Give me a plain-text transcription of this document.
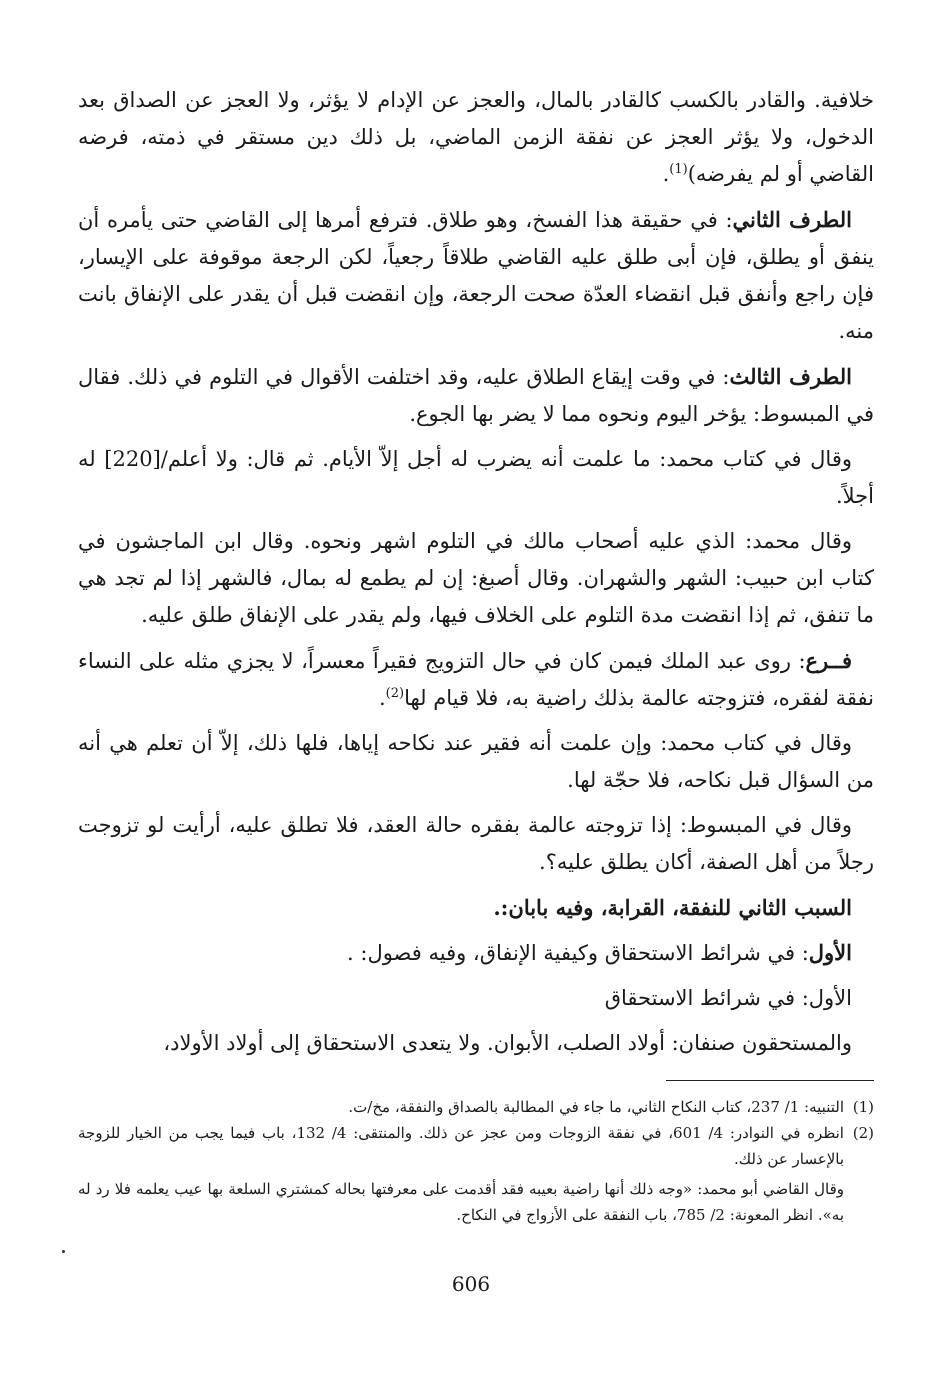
خلافية. والقادر بالكسب كالقادر بالمال، والعجز عن الإدام لا يؤثر، ولا العجز عن الصداق بعد الدخول، ولا يؤثر العجز عن نفقة الزمن الماضي، بل ذلك دين مستقر في ذمته، فرضه القاضي أو لم يفرضه)$^{(1)}$.

الطرف الثاني: في حقيقة هذا الفسخ، وهو طلاق. فترفع أمرها إلى القاضي حتى يأمره أن ينفق أو يطلق، فإن أبى طلق عليه القاضي طلاقاً رجعياً، لكن الرجعة موقوفة على الإيسار، فإن راجع وأنفق قبل انقضاء العدّة صحت الرجعة، وإن انقضت قبل أن يقدر على الإنفاق بانت منه.

الطرف الثالث: في وقت إيقاع الطلاق عليه، وقد اختلفت الأقوال في التلوم في ذلك. فقال في المبسوط: يؤخر اليوم ونحوه مما لا يضر بها الجوع.

وقال في كتاب محمد: ما علمت أنه يضرب له أجل إلاّ الأيام. ثم قال: ولا أعلم/[220] له أجلاً.

وقال محمد: الذي عليه أصحاب مالك في التلوم اشهر ونحوه. وقال ابن الماجشون في كتاب ابن حبيب: الشهر والشهران. وقال أصبغ: إن لم يطمع له بمال، فالشهر إذا لم تجد هي ما تنفق، ثم إذا انقضت مدة التلوم على الخلاف فيها، ولم يقدر على الإنفاق طلق عليه.

فــرع: روى عبد الملك فيمن كان في حال التزويج فقيراً معسراً، لا يجزي مثله على النساء نفقة لفقره، فتزوجته عالمة بذلك راضية به، فلا قيام لها$^{(2)}$.

وقال في كتاب محمد: وإن علمت أنه فقير عند نكاحه إياها، فلها ذلك، إلاّ أن تعلم هي أنه من السؤال قبل نكاحه، فلا حجّة لها.

وقال في المبسوط: إذا تزوجته عالمة بفقره حالة العقد، فلا تطلق عليه، أرأيت لو تزوجت رجلاً من أهل الصفة، أكان يطلق عليه؟.

السبب الثاني للنفقة، القرابة، وفيه بابان:.

الأول: في شرائط الاستحقاق وكيفية الإنفاق، وفيه فصول: .

الأول: في شرائط الاستحقاق

والمستحقون صنفان: أولاد الصلب، الأبوان. ولا يتعدى الاستحقاق إلى أولاد الأولاد،

(1)
التنبيه: 1/ 237، كتاب النكاح الثاني، ما جاء في المطالبة بالصداق والنفقة، مخ/ت.
(2)
انظره في النوادر: 4/ 601، في نفقة الزوجات ومن عجز عن ذلك. والمنتقى: 4/ 132، باب فيما يجب من الخيار للزوجة بالإعسار عن ذلك.

وقال القاضي أبو محمد: «وجه ذلك أنها راضية بعيبه فقد أقدمت على معرفتها بحاله كمشتري السلعة بها عيب يعلمه فلا رد له به». انظر المعونة: 2/ 785، باب النفقة على الأزواج في النكاح.

606
